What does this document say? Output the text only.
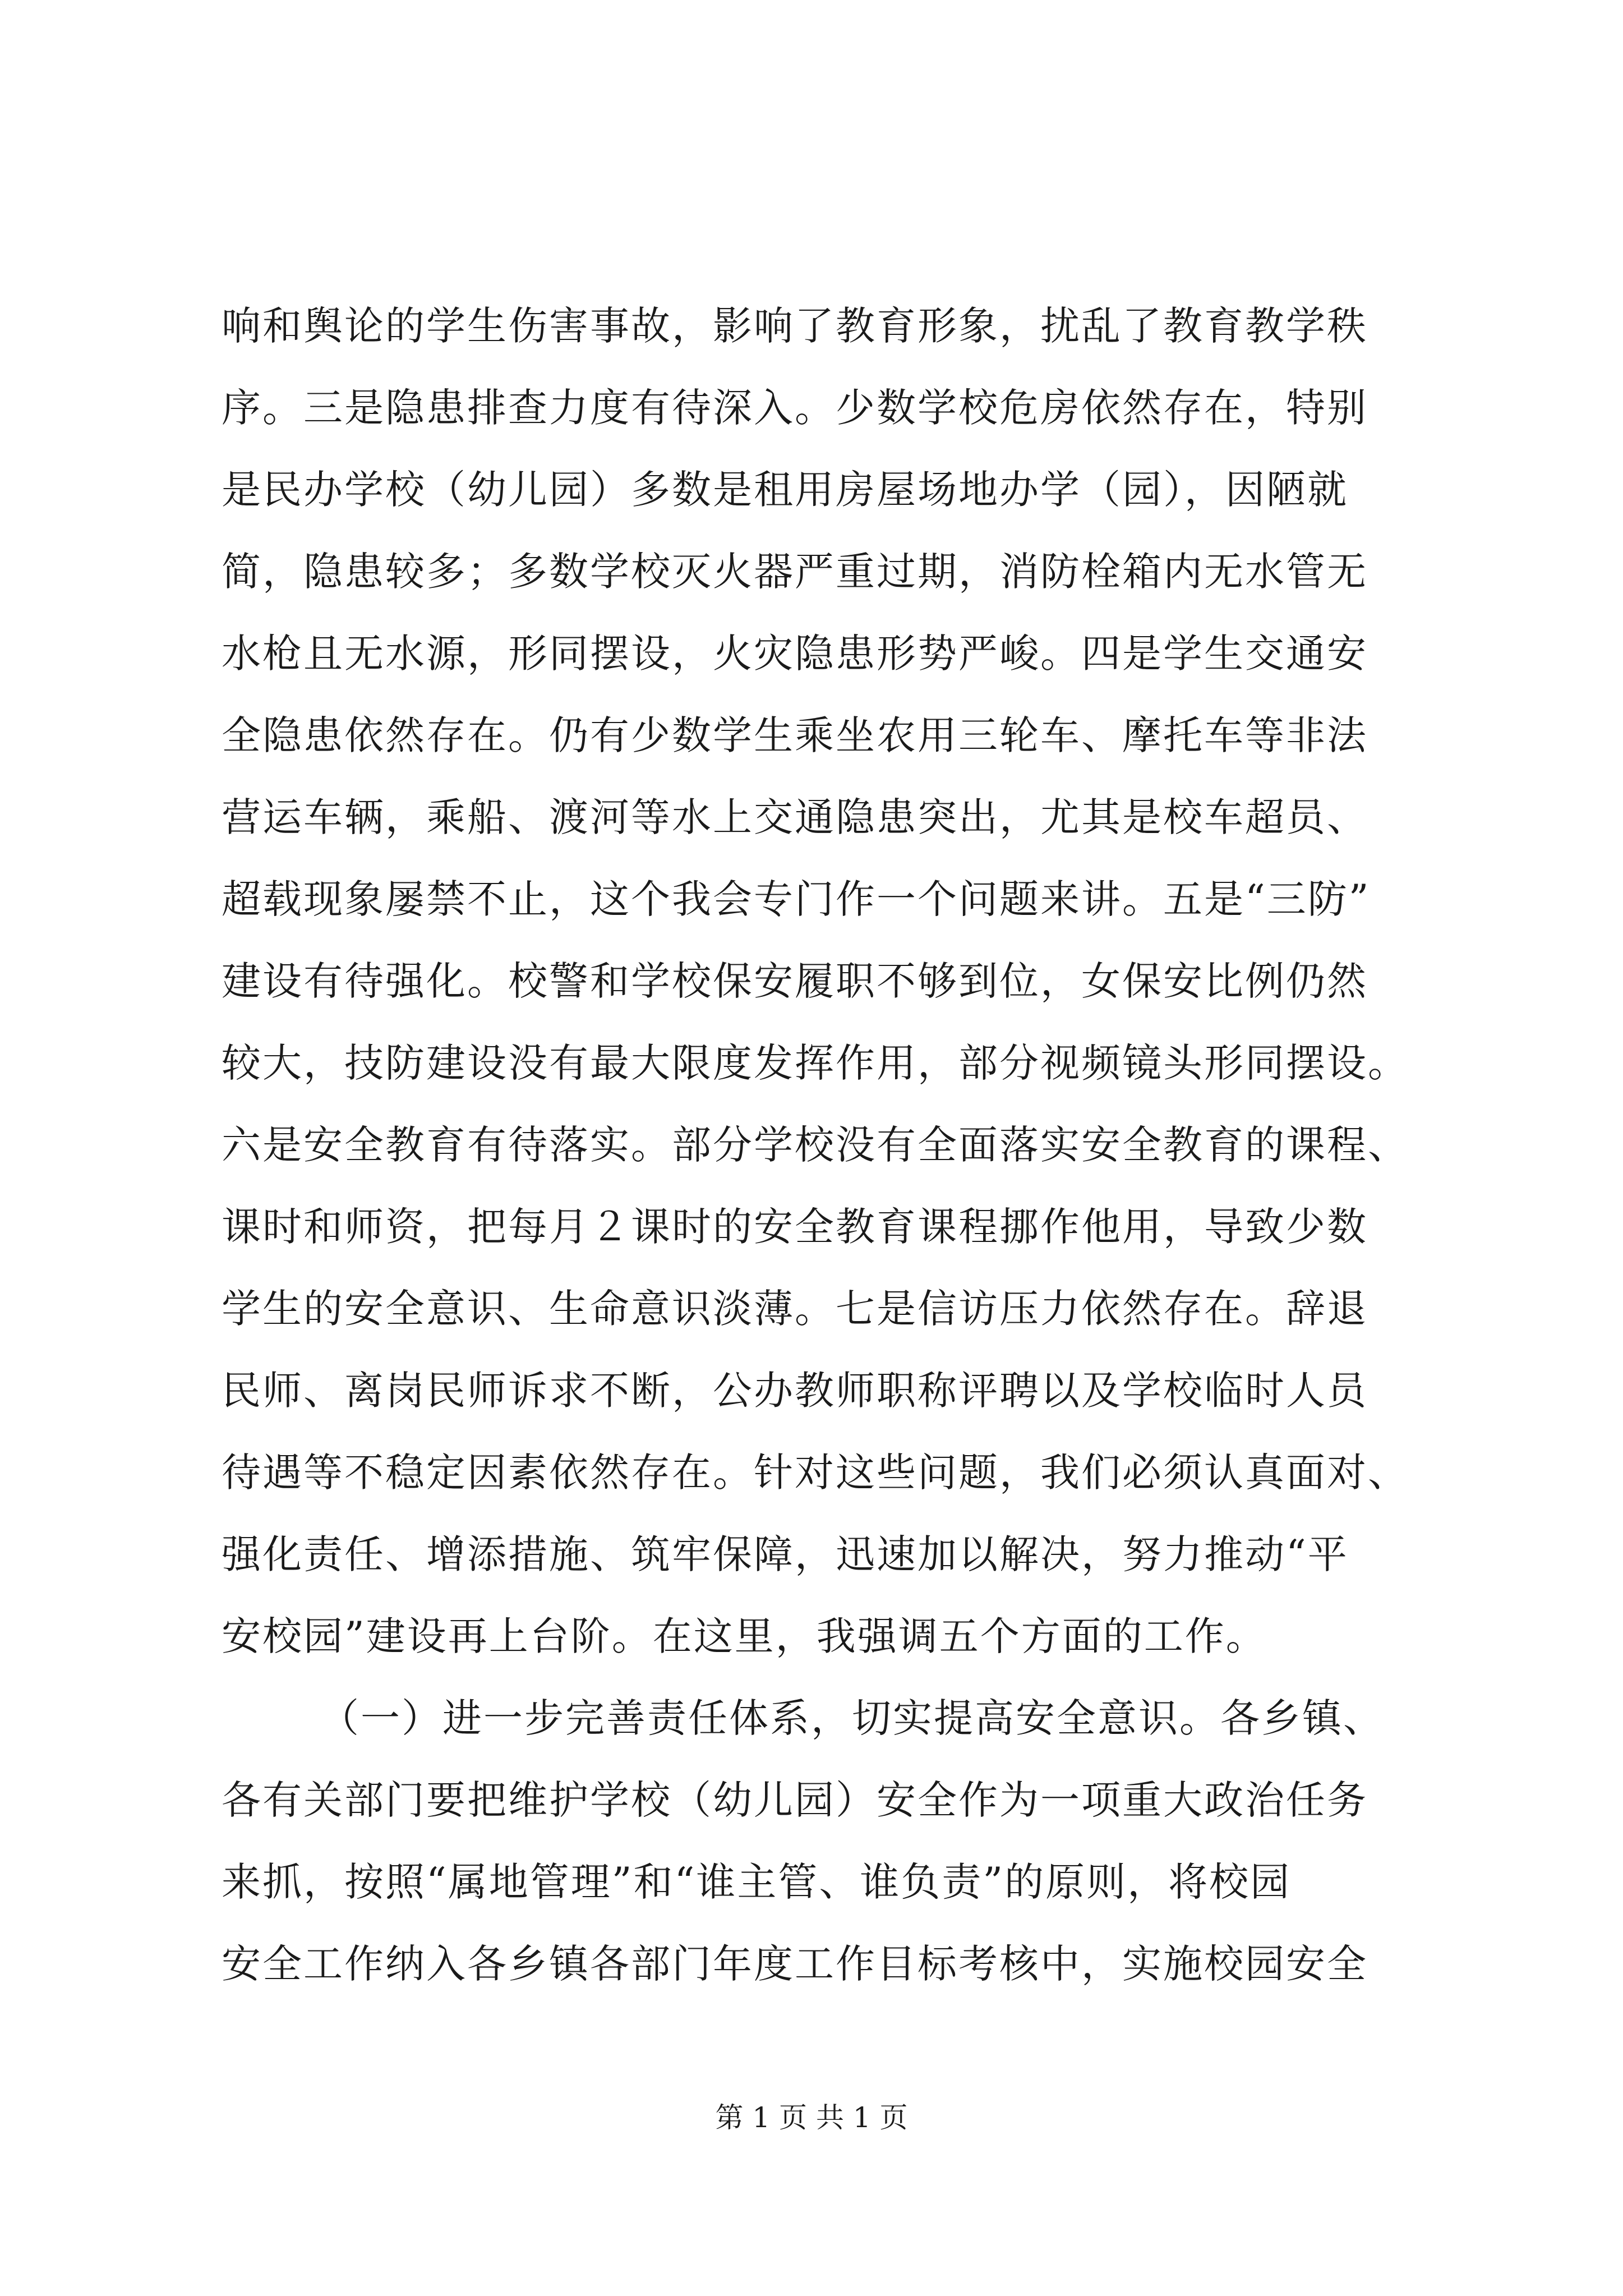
响和舆论的学生伤害事故，影响了教育形象，扰乱了教育教学秩
序。三是隐患排查力度有待深入。少数学校危房依然存在，特别
是民办学校（幼儿园）多数是租用房屋场地办学（园），因陋就
简，隐患较多；多数学校灭火器严重过期，消防栓箱内无水管无
水枪且无水源，形同摆设，火灾隐患形势严峻。四是学生交通安
全隐患依然存在。仍有少数学生乘坐农用三轮车、摩托车等非法
营运车辆，乘船、渡河等水上交通隐患突出，尤其是校车超员、
超载现象屡禁不止，这个我会专门作一个问题来讲。五是“三防”
建设有待强化。校警和学校保安履职不够到位，女保安比例仍然
较大，技防建设没有最大限度发挥作用，部分视频镜头形同摆设。
六是安全教育有待落实。部分学校没有全面落实安全教育的课程、
课时和师资，把每月２课时的安全教育课程挪作他用，导致少数
学生的安全意识、生命意识淡薄。七是信访压力依然存在。辞退
民师、离岗民师诉求不断，公办教师职称评聘以及学校临时人员
待遇等不稳定因素依然存在。针对这些问题，我们必须认真面对、
强化责任、增添措施、筑牢保障，迅速加以解决，努力推动“平
安校园”建设再上台阶。在这里，我强调五个方面的工作。
（一）进一步完善责任体系，切实提高安全意识。各乡镇、
各有关部门要把维护学校（幼儿园）安全作为一项重大政治任务
来抓，按照“属地管理”和“谁主管、谁负责”的原则，将校园
安全工作纳入各乡镇各部门年度工作目标考核中，实施校园安全
第 1 页 共 1 页
